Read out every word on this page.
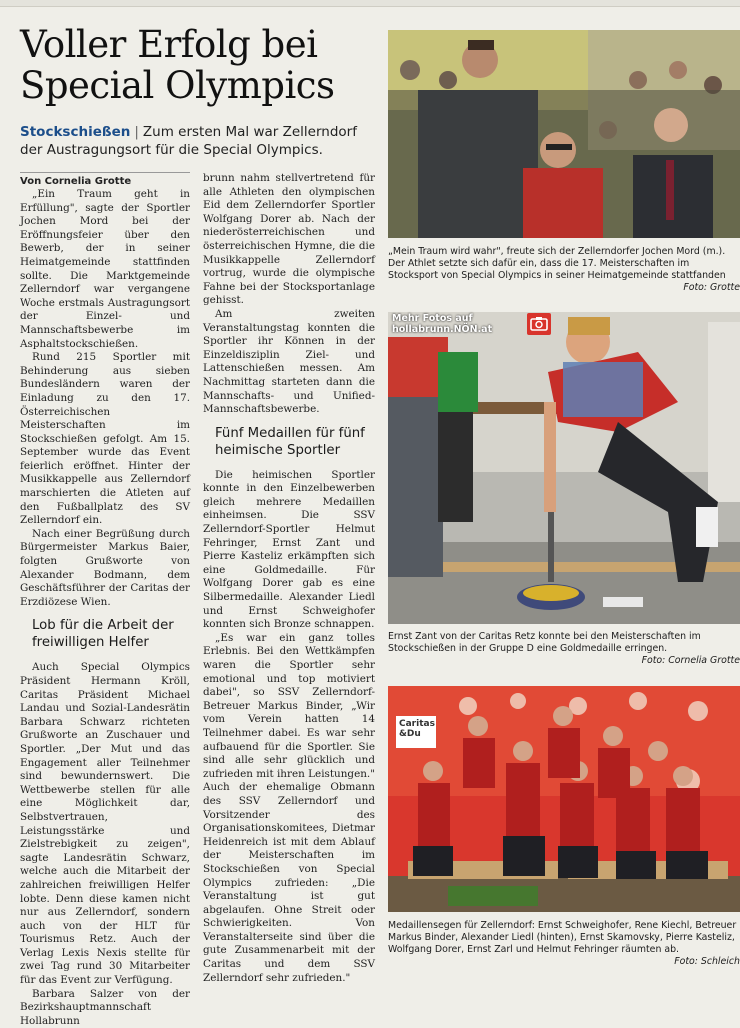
Voller Erfolg bei Special Olympics
Stockschießen | Zum ersten Mal war Zellerndorf der Austragungsort für die Special Olympics.
Von Cornelia Grotte

„Ein Traum geht in Erfüllung", sagte der Sportler Jochen Mord bei der Eröffnungsfeier über den Bewerb, der in seiner Heimatgemeinde stattfinden sollte. Die Marktgemeinde Zellerndorf war vergangene Woche erstmals Austragungsort der Einzel- und Mannschaftsbewerbe im Asphaltstockschießen.

Rund 215 Sportler mit Behinderung aus sieben Bundesländern waren der Einladung zu den 17. Österreichischen Meisterschaften im Stockschießen gefolgt. Am 15. September wurde das Event feierlich eröffnet. Hinter der Musikkappelle aus Zellerndorf marschierten die Atleten auf den Fußballplatz des SV Zellerndorf ein.

Nach einer Begrüßung durch Bürgermeister Markus Baier, folgten Grußworte von Alexander Bodmann, dem Geschäftsführer der Caritas der Erzdiözese Wien.

Lob für die Arbeit der freiwilligen Helfer

Auch Special Olympics Präsident Hermann Kröll, Caritas Präsident Michael Landau und Sozial-Landesrätin Barbara Schwarz richteten Grußworte an Zuschauer und Sportler. „Der Mut und das Engagement aller Teilnehmer sind bewundernswert. Die Wettbewerbe stellen für alle eine Möglichkeit dar, Selbstvertrauen, Leistungsstärke und Zielstrebigkeit zu zeigen", sagte Landesrätin Schwarz, welche auch die Mitarbeit der zahlreichen freiwilligen Helfer lobte. Denn diese kamen nicht nur aus Zellerndorf, sondern auch von der HLT für Tourismus Retz. Auch der Verlag Lexis Nexis stellte für zwei Tag rund 30 Mitarbeiter für das Event zur Verfügung.

Barbara Salzer von der Bezirkshauptmannschaft Hollabrunn

brunn nahm stellvertretend für alle Athleten den olympischen Eid dem Zellerndorfer Sportler Wolfgang Dorer ab. Nach der niederösterreichischen und österreichischen Hymne, die die Musikkappelle Zellerndorf vortrug, wurde die olympische Fahne bei der Stocksportanlage gehisst.

Am zweiten Veranstaltungstag konnten die Sportler ihr Können in der Einzeldisziplin Ziel- und Lattenschießen messen. Am Nachmittag starteten dann die Mannschafts- und Unified-Mannschaftsbewerbe.

Fünf Medaillen für fünf heimische Sportler

Die heimischen Sportler konnte in den Einzelbewerben gleich mehrere Medaillen einheimsen. Die SSV Zellerndorf-Sportler Helmut Fehringer, Ernst Zant und Pierre Kasteliz erkämpften sich eine Goldmedaille. Für Wolfgang Dorer gab es eine Silbermedaille. Alexander Liedl und Ernst Schweighofer konnten sich Bronze schnappen.

„Es war ein ganz tolles Erlebnis. Bei den Wettkämpfen waren die Sportler sehr emotional und top motiviert dabei", so SSV Zellerndorf-Betreuer Markus Binder, „Wir vom Verein hatten 14 Teilnehmer dabei. Es war sehr aufbauend für die Sportler. Sie sind alle sehr glücklich und zufrieden mit ihren Leistungen." Auch der ehemalige Obmann des SSV Zellerndorf und Vorsitzender des Organisationskomitees, Dietmar Heidenreich ist mit dem Ablauf der Meisterschaften im Stockschießen von Special Olympics zufrieden: „Die Veranstaltung ist gut abgelaufen. Ohne Streit oder Schwierigkeiten. Von Veranstalterseite sind über die gute Zusammenarbeit mit der Caritas und dem SSV Zellerndorf sehr zufrieden."

„Mein Traum wird wahr", freute sich der Zellerndorfer Jochen Mord (m.). Der Athlet setzte sich dafür ein, dass die 17. Meisterschaften im Stocksport von Special Olympics in seiner Heimatgemeinde stattfanden
Foto: Grotte
Mehr Fotos auf
hollabrunn.NÖN.at
Ernst Zant von der Caritas Retz konnte bei den Meisterschaften im Stockschießen in der Gruppe D eine Goldmedaille erringen.
Foto: Cornelia Grotte
Caritas
&Du
Medaillensegen für Zellerndorf: Ernst Schweighofer, Rene Kiechl, Betreuer Markus Binder, Alexander Liedl (hinten), Ernst Skamovsky, Pierre Kasteliz, Wolfgang Dorer, Ernst Zarl und Helmut Fehringer räumten ab.
Foto: Schleich
